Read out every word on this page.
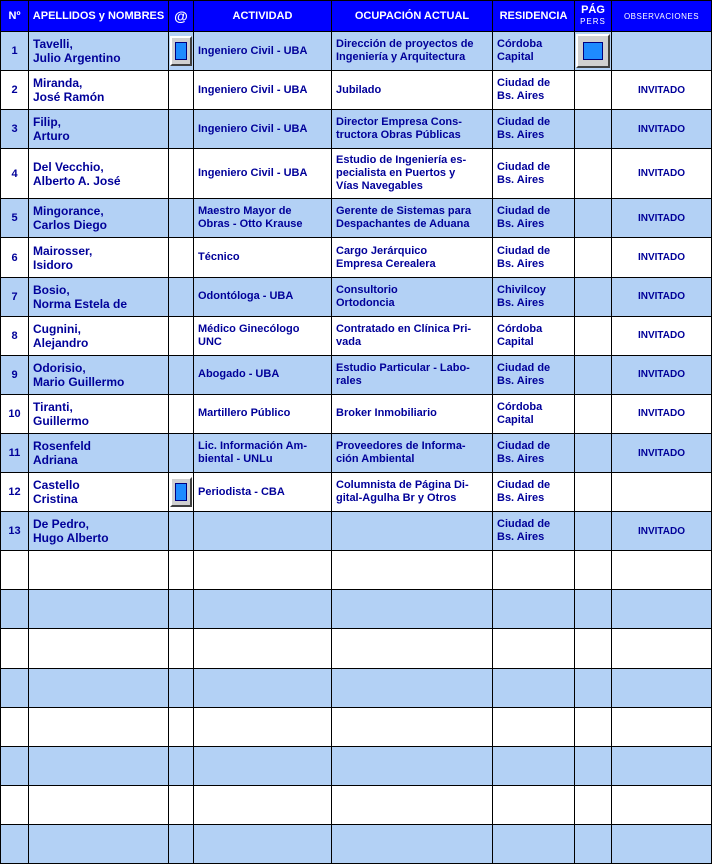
Nº	APELLIDOS y NOMBRES	@	ACTIVIDAD	OCUPACIÓN ACTUAL	RESIDENCIA	PÁG
PERS	OBSERVACIONES
1	Tavelli,
Julio Argentino		Ingeniero Civil - UBA	Dirección de proyectos de
Ingeniería y Arquitectura	Córdoba
Capital		
2	Miranda,
José Ramón		Ingeniero Civil - UBA	Jubilado	Ciudad de
Bs. Aires		INVITADO
3	Filip,
Arturo		Ingeniero Civil - UBA	Director Empresa Cons-
tructora Obras Públicas	Ciudad de
Bs. Aires		INVITADO
4	Del Vecchio,
Alberto A. José		Ingeniero Civil - UBA	Estudio de Ingeniería es-
pecialista en Puertos y
Vías Navegables	Ciudad de
Bs. Aires		INVITADO
5	Mingorance,
Carlos Diego		Maestro Mayor de
Obras - Otto Krause	Gerente de Sistemas para
Despachantes de Aduana	Ciudad de
Bs. Aires		INVITADO
6	Mairosser,
Isidoro		Técnico	Cargo Jerárquico
Empresa Cerealera	Ciudad de
Bs. Aires		INVITADO
7	Bosio,
Norma Estela de		Odontóloga - UBA	Consultorio
Ortodoncia	Chivilcoy
Bs. Aires		INVITADO
8	Cugnini,
Alejandro		Médico Ginecólogo
UNC	Contratado en Clínica Pri-
vada	Córdoba
Capital		INVITADO
9	Odorisio,
Mario Guillermo		Abogado - UBA	Estudio Particular - Labo-
rales	Ciudad de
Bs. Aires		INVITADO
10	Tiranti,
Guillermo		Martillero Público	Broker Inmobiliario	Córdoba
Capital		INVITADO
11	Rosenfeld
Adriana		Lic. Información Am-
biental - UNLu	Proveedores de Informa-
ción Ambiental	Ciudad de
Bs. Aires		INVITADO
12	Castello
Cristina		Periodista - CBA	Columnista de Página Di-
gital-Agulha Br y Otros	Ciudad de
Bs. Aires		
13	De Pedro,
Hugo Alberto				Ciudad de
Bs. Aires		INVITADO
